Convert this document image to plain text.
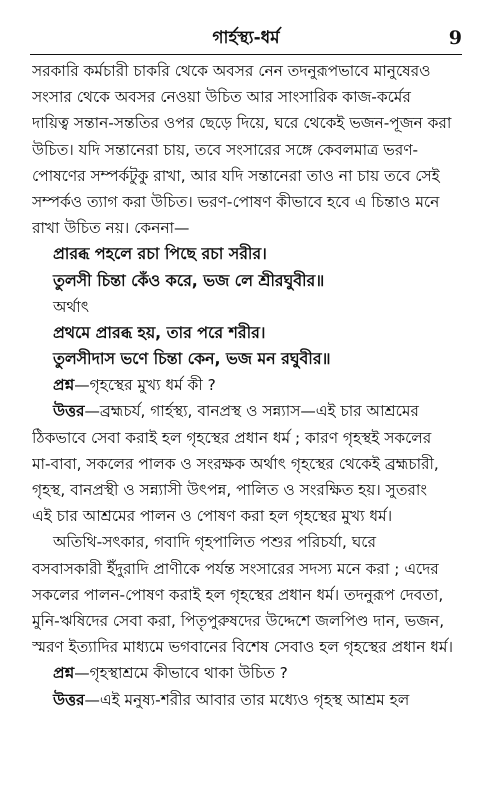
গার্হস্থ্য-ধর্ম	9
সরকারি কর্মচারী চাকরি থেকে অবসর নেন তদনুরূপভাবে মানুষেরও
সংসার থেকে অবসর নেওয়া উচিত আর সাংসারিক কাজ-কর্মের
দায়িত্ব সন্তান-সন্ততির ওপর ছেড়ে দিয়ে, ঘরে থেকেই ভজন-পূজন করা
উচিত। যদি সন্তানেরা চায়, তবে সংসারের সঙ্গে কেবলমাত্র ভরণ-
পোষণের সম্পর্কটুকু রাখা, আর যদি সন্তানেরা তাও না চায় তবে সেই
সম্পর্কও ত্যাগ করা উচিত। ভরণ-পোষণ কীভাবে হবে এ চিন্তাও মনে
রাখা উচিত নয়। কেননা—
প্রারব্ধ পহলে রচা পিছে রচা সরীর।
তুলসী চিন্তা কেঁও করে, ভজ লে শ্রীরঘুবীর॥
অর্থাৎ
প্রথমে প্রারব্ধ হয়, তার পরে শরীর।
তুলসীদাস ভণে চিন্তা কেন, ভজ মন রঘুবীর॥
প্রশ্ন—গৃহস্থের মুখ্য ধর্ম কী ?
উত্তর—ব্রহ্মচর্য, গার্হস্থ্য, বানপ্রস্থ ও সন্ন্যাস—এই চার আশ্রমের
ঠিকভাবে সেবা করাই হল গৃহস্থের প্রধান ধর্ম ; কারণ গৃহস্থই সকলের
মা-বাবা, সকলের পালক ও সংরক্ষক অর্থাৎ গৃহস্থের থেকেই ব্রহ্মচারী,
গৃহস্থ, বানপ্রস্থী ও সন্ন্যাসী উৎপন্ন, পালিত ও সংরক্ষিত হয়। সুতরাং
এই চার আশ্রমের পালন ও পোষণ করা হল গৃহস্থের মুখ্য ধর্ম।
অতিথি-সৎকার, গবাদি গৃহপালিত পশুর পরিচর্যা, ঘরে
বসবাসকারী ইঁদুরাদি প্রাণীকে পর্যন্ত সংসারের সদস্য মনে করা ; এদের
সকলের পালন-পোষণ করাই হল গৃহস্থের প্রধান ধর্ম। তদনুরূপ দেবতা,
মুনি-ঋষিদের সেবা করা, পিতৃপুরুষদের উদ্দেশে জলপিণ্ড দান, ভজন,
স্মরণ ইত্যাদির মাধ্যমে ভগবানের বিশেষ সেবাও হল গৃহস্থের প্রধান ধর্ম।
প্রশ্ন—গৃহস্থাশ্রমে কীভাবে থাকা উচিত ?
উত্তর—এই মনুষ্য-শরীর আবার তার মধ্যেও গৃহস্থ আশ্রম হল
